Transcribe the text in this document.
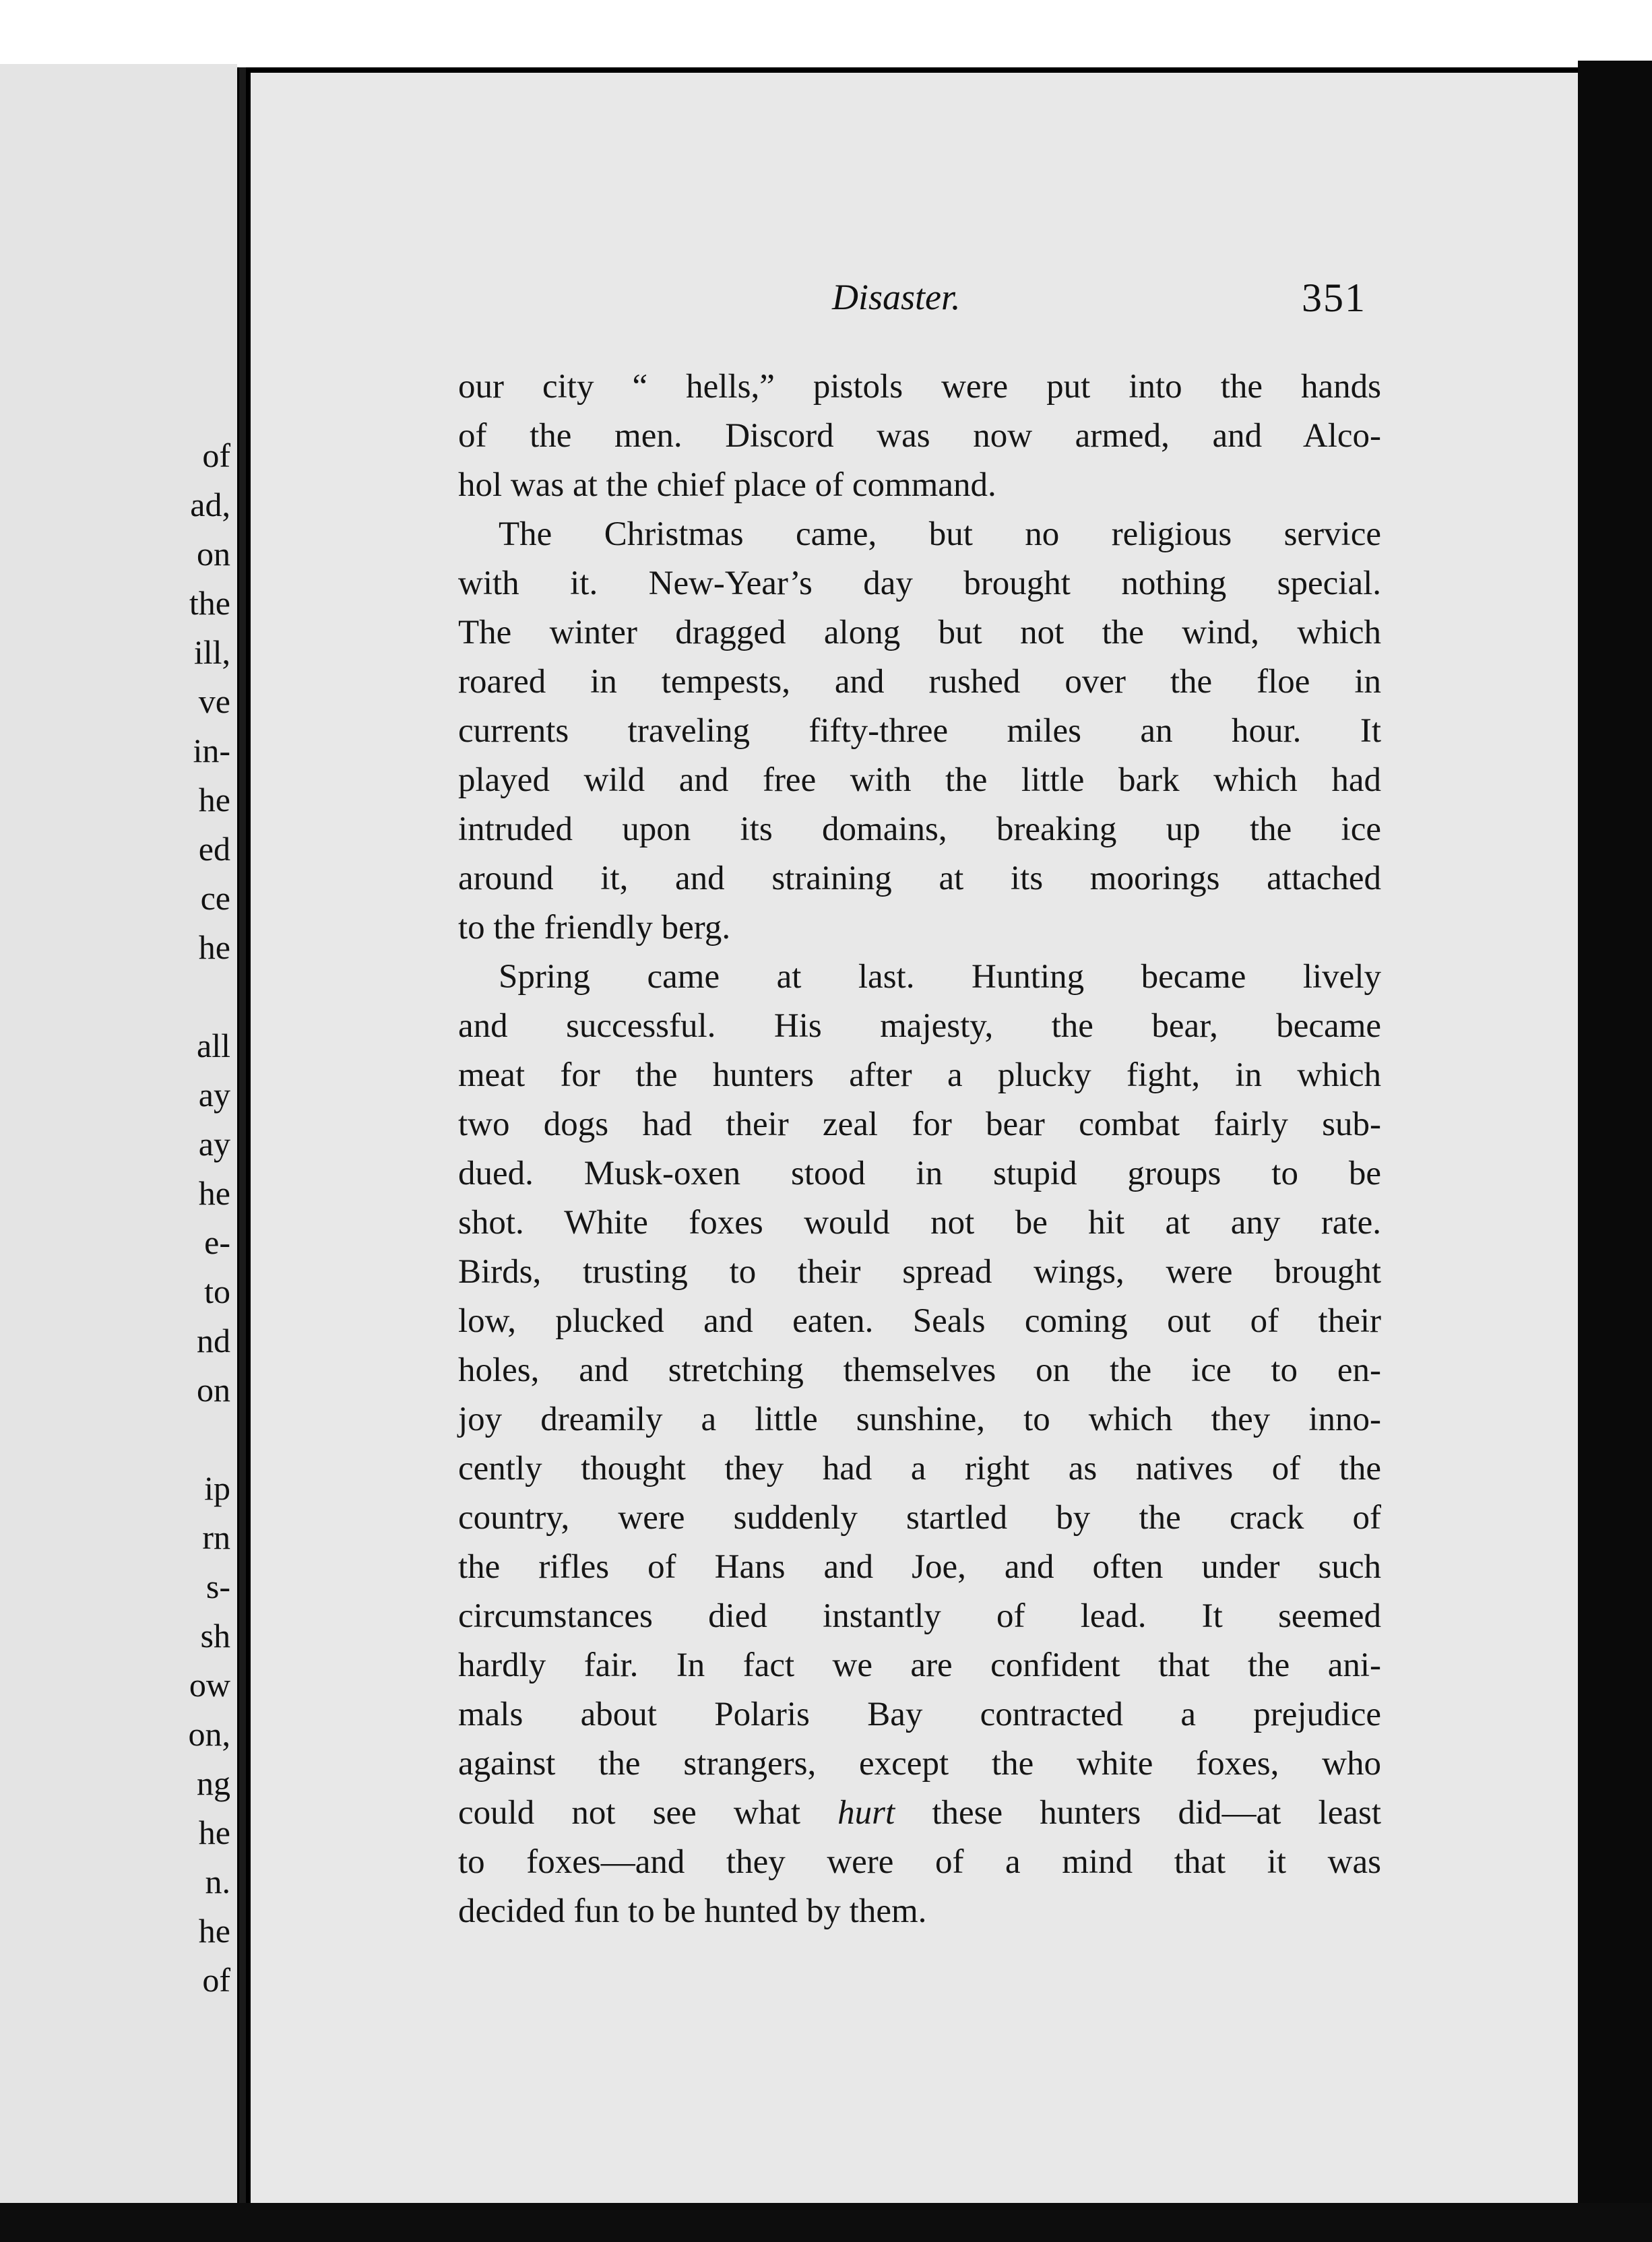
of
ad,
on
the
ill,
ve
in-
he
ed
ce
he
all
ay
ay
he
e-
to
nd
on
ip
rn
s-
sh
ow
on,
ng
he
n.
he
of
Disaster.	351
our city “ hells,” pistols were put into the hands
of the men. Discord was now armed, and Alco-
hol was at the chief place of command.
The Christmas came, but no religious service
with it. New-Year’s day brought nothing special.
The winter dragged along but not the wind, which
roared in tempests, and rushed over the floe in
currents traveling fifty-three miles an hour. It
played wild and free with the little bark which had
intruded upon its domains, breaking up the ice
around it, and straining at its moorings attached
to the friendly berg.
Spring came at last. Hunting became lively
and successful. His majesty, the bear, became
meat for the hunters after a plucky fight, in which
two dogs had their zeal for bear combat fairly sub-
dued. Musk-oxen stood in stupid groups to be
shot. White foxes would not be hit at any rate.
Birds, trusting to their spread wings, were brought
low, plucked and eaten. Seals coming out of their
holes, and stretching themselves on the ice to en-
joy dreamily a little sunshine, to which they inno-
cently thought they had a right as natives of the
country, were suddenly startled by the crack of
the rifles of Hans and Joe, and often under such
circumstances died instantly of lead. It seemed
hardly fair. In fact we are confident that the ani-
mals about Polaris Bay contracted a prejudice
against the strangers, except the white foxes, who
could not see what hurt these hunters did—at least
to foxes—and they were of a mind that it was
decided fun to be hunted by them.
